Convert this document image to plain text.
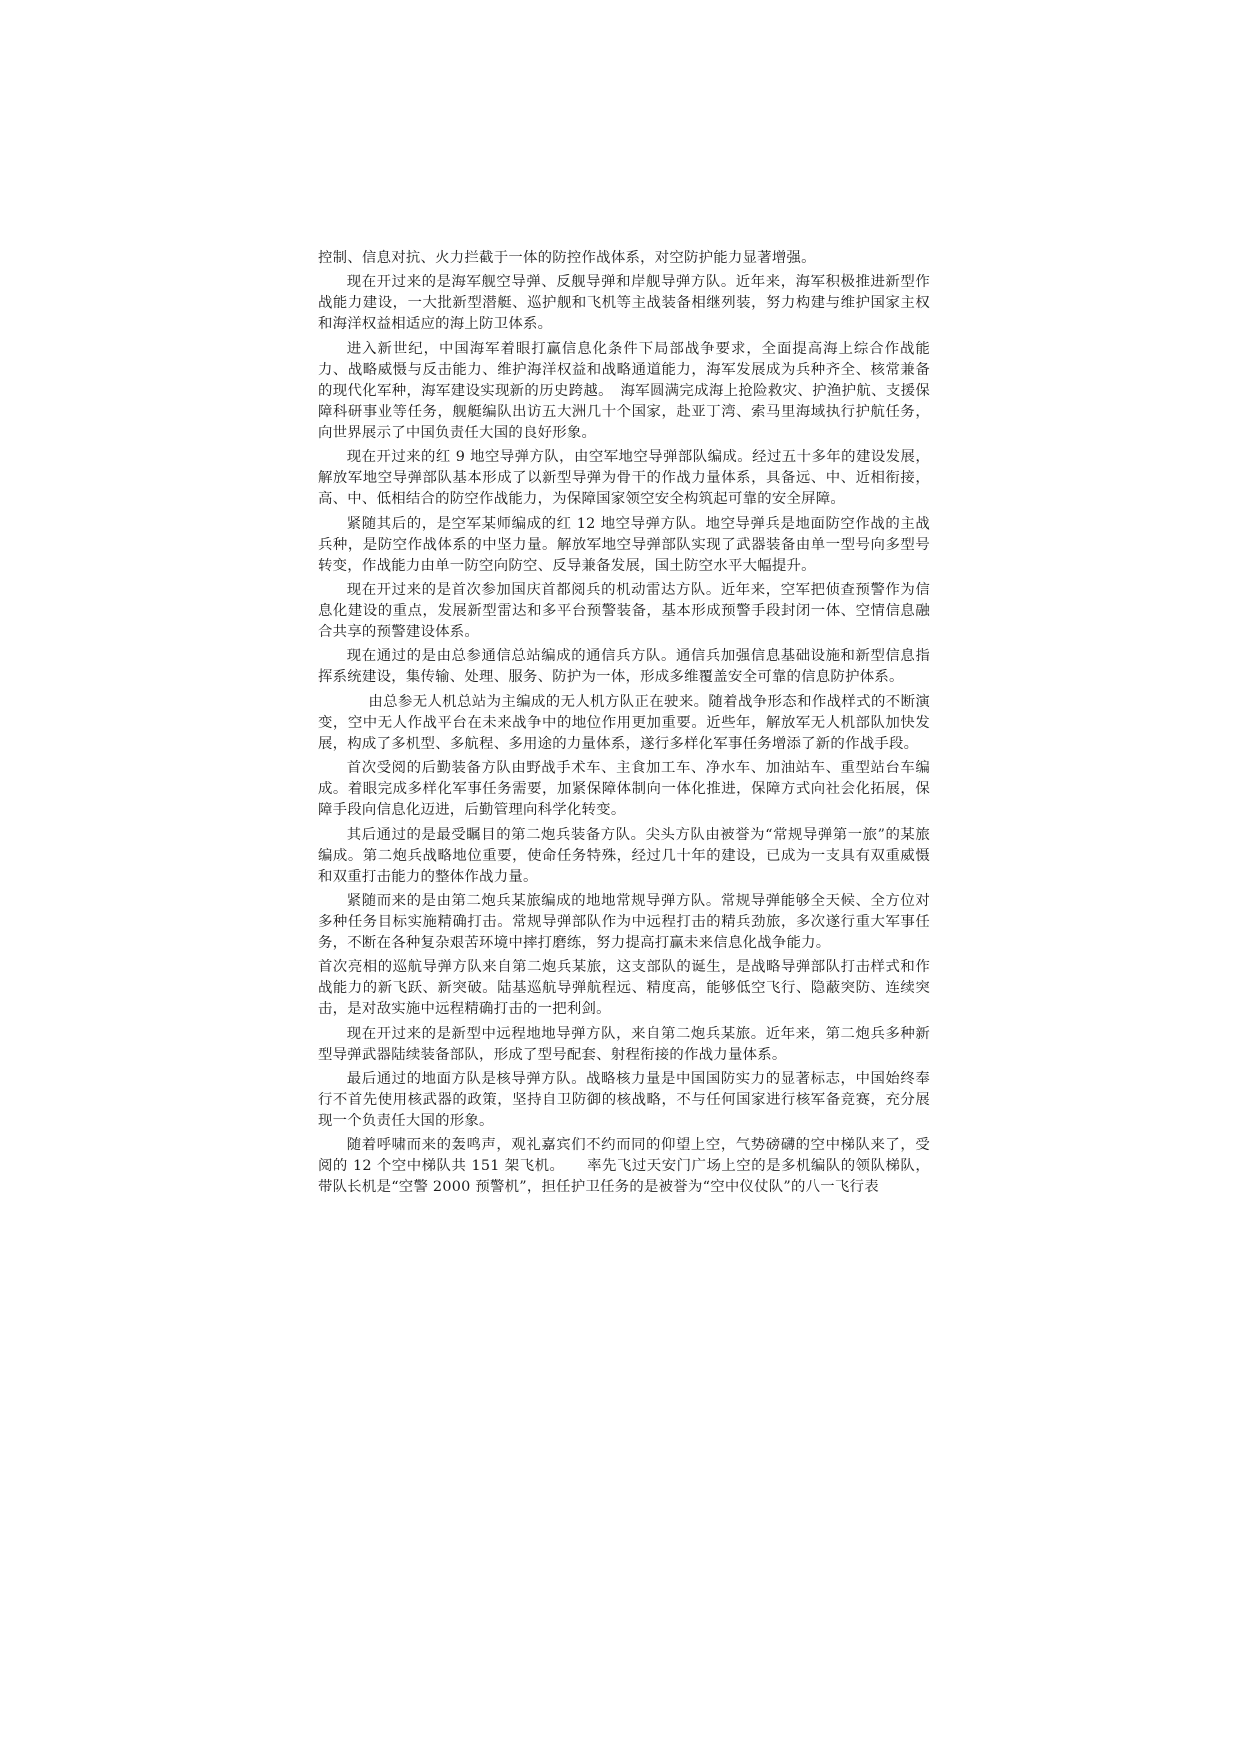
控制、信息对抗、火力拦截于一体的防控作战体系，对空防护能力显著增强。

现在开过来的是海军舰空导弹、反舰导弹和岸舰导弹方队。近年来，海军积极推进新型作战能力建设，一大批新型潜艇、巡护舰和飞机等主战装备相继列装，努力构建与维护国家主权和海洋权益相适应的海上防卫体系。

进入新世纪，中国海军着眼打赢信息化条件下局部战争要求，全面提高海上综合作战能力、战略威慑与反击能力、维护海洋权益和战略通道能力，海军发展成为兵种齐全、核常兼备的现代化军种，海军建设实现新的历史跨越。　海军圆满完成海上抢险救灾、护渔护航、支援保障科研事业等任务，舰艇编队出访五大洲几十个国家，赴亚丁湾、索马里海域执行护航任务，向世界展示了中国负责任大国的良好形象。

现在开过来的红 9 地空导弹方队，由空军地空导弹部队编成。经过五十多年的建设发展，解放军地空导弹部队基本形成了以新型导弹为骨干的作战力量体系，具备远、中、近相衔接，高、中、低相结合的防空作战能力，为保障国家领空安全构筑起可靠的安全屏障。

紧随其后的，是空军某师编成的红 12 地空导弹方队。地空导弹兵是地面防空作战的主战兵种，是防空作战体系的中坚力量。解放军地空导弹部队实现了武器装备由单一型号向多型号转变，作战能力由单一防空向防空、反导兼备发展，国土防空水平大幅提升。

现在开过来的是首次参加国庆首都阅兵的机动雷达方队。近年来，空军把侦查预警作为信息化建设的重点，发展新型雷达和多平台预警装备，基本形成预警手段封闭一体、空情信息融合共享的预警建设体系。

现在通过的是由总参通信总站编成的通信兵方队。通信兵加强信息基础设施和新型信息指挥系统建设，集传输、处理、服务、防护为一体，形成多维覆盖安全可靠的信息防护体系。

由总参无人机总站为主编成的无人机方队正在驶来。随着战争形态和作战样式的不断演变，空中无人作战平台在未来战争中的地位作用更加重要。近些年，解放军无人机部队加快发展，构成了多机型、多航程、多用途的力量体系，遂行多样化军事任务增添了新的作战手段。

首次受阅的后勤装备方队由野战手术车、主食加工车、净水车、加油站车、重型站台车编成。着眼完成多样化军事任务需要，加紧保障体制向一体化推进，保障方式向社会化拓展，保障手段向信息化迈进，后勤管理向科学化转变。

其后通过的是最受瞩目的第二炮兵装备方队。尖头方队由被誉为“常规导弹第一旅”的某旅编成。第二炮兵战略地位重要，使命任务特殊，经过几十年的建设，已成为一支具有双重威慑和双重打击能力的整体作战力量。

紧随而来的是由第二炮兵某旅编成的地地常规导弹方队。常规导弹能够全天候、全方位对多种任务目标实施精确打击。常规导弹部队作为中远程打击的精兵劲旅，多次遂行重大军事任务，不断在各种复杂艰苦环境中摔打磨练，努力提高打赢未来信息化战争能力。

首次亮相的巡航导弹方队来自第二炮兵某旅，这支部队的诞生，是战略导弹部队打击样式和作战能力的新飞跃、新突破。陆基巡航导弹航程远、精度高，能够低空飞行、隐蔽突防、连续突击，是对敌实施中远程精确打击的一把利剑。

现在开过来的是新型中远程地地导弹方队，来自第二炮兵某旅。近年来，第二炮兵多种新型导弹武器陆续装备部队，形成了型号配套、射程衔接的作战力量体系。

最后通过的地面方队是核导弹方队。战略核力量是中国国防实力的显著标志，中国始终奉行不首先使用核武器的政策，坚持自卫防御的核战略，不与任何国家进行核军备竞赛，充分展现一个负责任大国的形象。

随着呼啸而来的轰鸣声，观礼嘉宾们不约而同的仰望上空，气势磅礴的空中梯队来了，受阅的 12 个空中梯队共 151 架飞机。　　率先飞过天安门广场上空的是多机编队的领队梯队，带队长机是“空警 2000 预警机”，担任护卫任务的是被誉为“空中仪仗队”的八一飞行表
